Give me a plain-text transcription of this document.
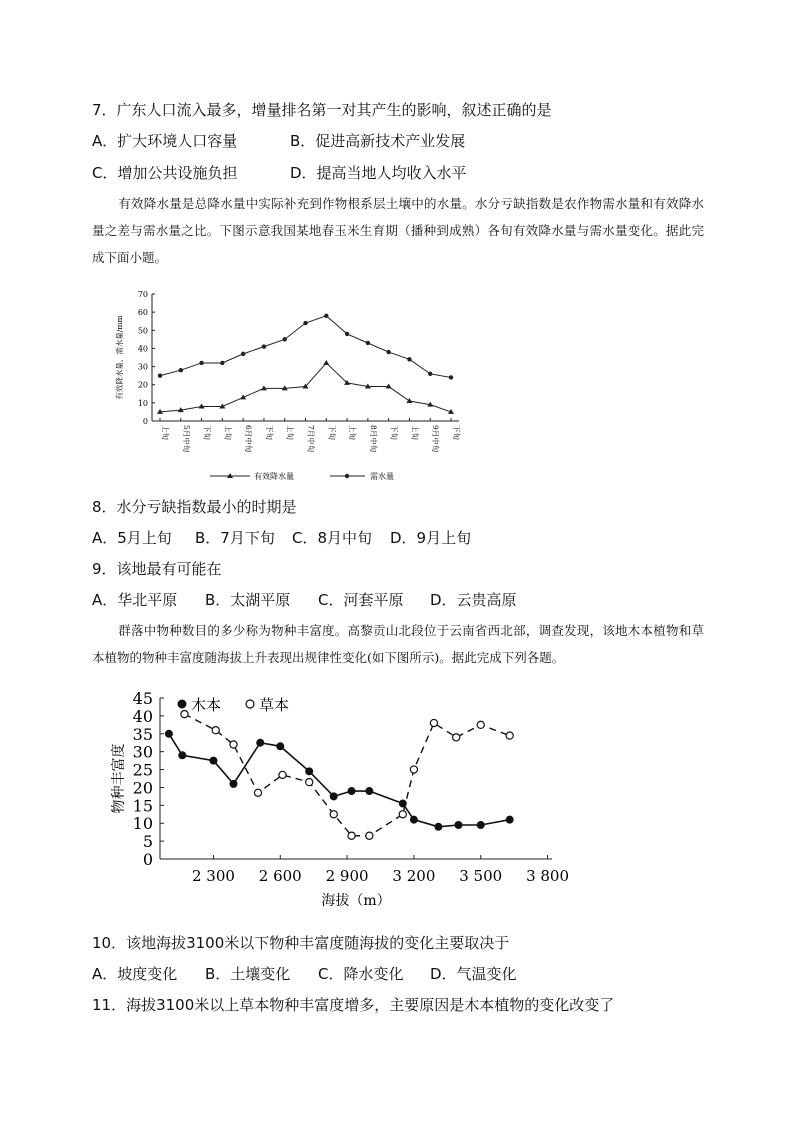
7．广东人口流入最多，增量排名第一对其产生的影响，叙述正确的是
A．扩大环境人口容量	B．促进高新技术产业发展
C．增加公共设施负担	D．提高当地人均收入水平
有效降水量是总降水量中实际补充到作物根系层土壤中的水量。水分亏缺指数是农作物需水量和有效降水量之差与需水量之比。下图示意我国某地春玉米生育期（播种到成熟）各旬有效降水量与需水量变化。据此完成下面小题。
0
10
20
30
40
50
60
70
上旬 5月中旬 下旬 上旬 6月中旬 下旬 上旬 7月中旬 下旬 上旬 8月中旬 下旬 上旬 9月中旬 下旬
有效降水量、需水量/mm
有效降水量	需水量
8．水分亏缺指数最小的时期是
A．5月上旬 B．7月下旬 C．8月中旬 D．9月上旬
9．该地最有可能在
A．华北平原 B．太湖平原 C．河套平原 D．云贵高原
群落中物种数目的多少称为物种丰富度。高黎贡山北段位于云南省西北部，调查发现，该地木本植物和草本植物的物种丰富度随海拔上升表现出规律性变化(如下图所示)。据此完成下列各题。
0
5
10
15
20
25
30
35
40
45
2 300 2 600 2 900 3 200 3 500 3 800
海拔（m）
物种丰富度
木本	草本
10．该地海拔3100米以下物种丰富度随海拔的变化主要取决于
A．坡度变化 B．土壤变化 C．降水变化 D．气温变化
11．海拔3100米以上草本物种丰富度增多，主要原因是木本植物的变化改变了
